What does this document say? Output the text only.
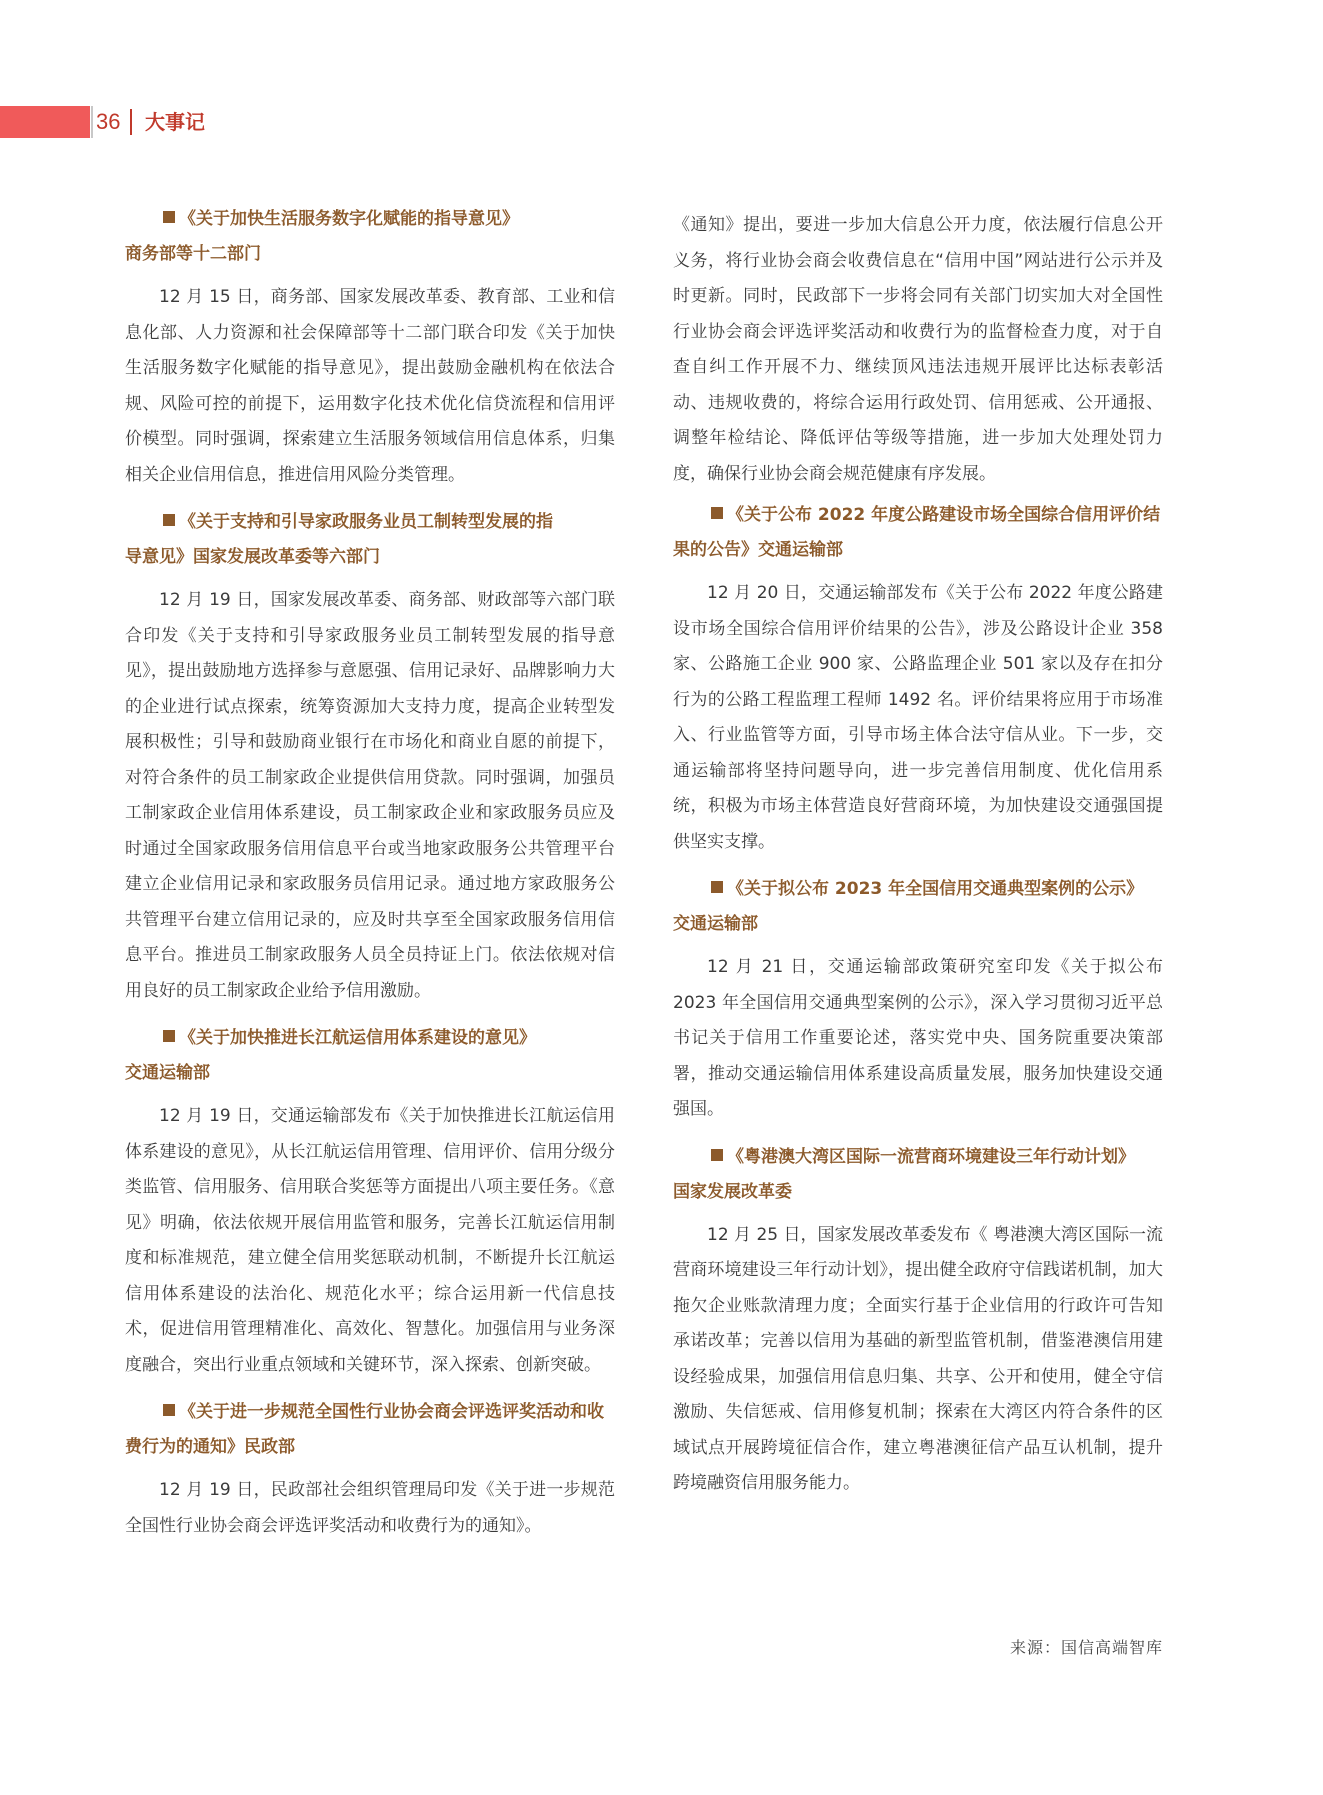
36 大事记
《关于加快生活服务数字化赋能的指导意见》
商务部等十二部门
12 月 15 日，商务部、国家发展改革委、教育部、工业和信息化部、人力资源和社会保障部等十二部门联合印发《关于加快生活服务数字化赋能的指导意见》，提出鼓励金融机构在依法合规、风险可控的前提下，运用数字化技术优化信贷流程和信用评价模型。同时强调，探索建立生活服务领域信用信息体系，归集相关企业信用信息，推进信用风险分类管理。
《关于支持和引导家政服务业员工制转型发展的指导意见》国家发展改革委等六部门
12 月 19 日，国家发展改革委、商务部、财政部等六部门联合印发《关于支持和引导家政服务业员工制转型发展的指导意见》，提出鼓励地方选择参与意愿强、信用记录好、品牌影响力大的企业进行试点探索，统筹资源加大支持力度，提高企业转型发展积极性；引导和鼓励商业银行在市场化和商业自愿的前提下，对符合条件的员工制家政企业提供信用贷款。同时强调，加强员工制家政企业信用体系建设，员工制家政企业和家政服务员应及时通过全国家政服务信用信息平台或当地家政服务公共管理平台建立企业信用记录和家政服务员信用记录。通过地方家政服务公共管理平台建立信用记录的，应及时共享至全国家政服务信用信息平台。推进员工制家政服务人员全员持证上门。依法依规对信用良好的员工制家政企业给予信用激励。
《关于加快推进长江航运信用体系建设的意见》
交通运输部
12 月 19 日，交通运输部发布《关于加快推进长江航运信用体系建设的意见》，从长江航运信用管理、信用评价、信用分级分类监管、信用服务、信用联合奖惩等方面提出八项主要任务。《意见》明确，依法依规开展信用监管和服务，完善长江航运信用制度和标准规范，建立健全信用奖惩联动机制，不断提升长江航运信用体系建设的法治化、规范化水平；综合运用新一代信息技术，促进信用管理精准化、高效化、智慧化。加强信用与业务深度融合，突出行业重点领域和关键环节，深入探索、创新突破。
《关于进一步规范全国性行业协会商会评选评奖活动和收费行为的通知》民政部
12 月 19 日，民政部社会组织管理局印发《关于进一步规范全国性行业协会商会评选评奖活动和收费行为的通知》。
《通知》提出，要进一步加大信息公开力度，依法履行信息公开义务，将行业协会商会收费信息在“信用中国”网站进行公示并及时更新。同时，民政部下一步将会同有关部门切实加大对全国性行业协会商会评选评奖活动和收费行为的监督检查力度，对于自查自纠工作开展不力、继续顶风违法违规开展评比达标表彰活动、违规收费的，将综合运用行政处罚、信用惩戒、公开通报、调整年检结论、降低评估等级等措施，进一步加大处理处罚力度，确保行业协会商会规范健康有序发展。
《关于公布 2022 年度公路建设市场全国综合信用评价结果的公告》交通运输部
12 月 20 日，交通运输部发布《关于公布 2022 年度公路建设市场全国综合信用评价结果的公告》，涉及公路设计企业 358 家、公路施工企业 900 家、公路监理企业 501 家以及存在扣分行为的公路工程监理工程师 1492 名。评价结果将应用于市场准入、行业监管等方面，引导市场主体合法守信从业。下一步，交通运输部将坚持问题导向，进一步完善信用制度、优化信用系统，积极为市场主体营造良好营商环境，为加快建设交通强国提供坚实支撑。
《关于拟公布 2023 年全国信用交通典型案例的公示》
交通运输部
12 月 21 日，交通运输部政策研究室印发《关于拟公布 2023 年全国信用交通典型案例的公示》，深入学习贯彻习近平总书记关于信用工作重要论述，落实党中央、国务院重要决策部署，推动交通运输信用体系建设高质量发展，服务加快建设交通强国。
《粤港澳大湾区国际一流营商环境建设三年行动计划》
国家发展改革委
12 月 25 日，国家发展改革委发布《 粤港澳大湾区国际一流营商环境建设三年行动计划》，提出健全政府守信践诺机制，加大拖欠企业账款清理力度；全面实行基于企业信用的行政许可告知承诺改革；完善以信用为基础的新型监管机制，借鉴港澳信用建设经验成果，加强信用信息归集、共享、公开和使用，健全守信激励、失信惩戒、信用修复机制；探索在大湾区内符合条件的区域试点开展跨境征信合作，建立粤港澳征信产品互认机制，提升跨境融资信用服务能力。
来源：国信高端智库
